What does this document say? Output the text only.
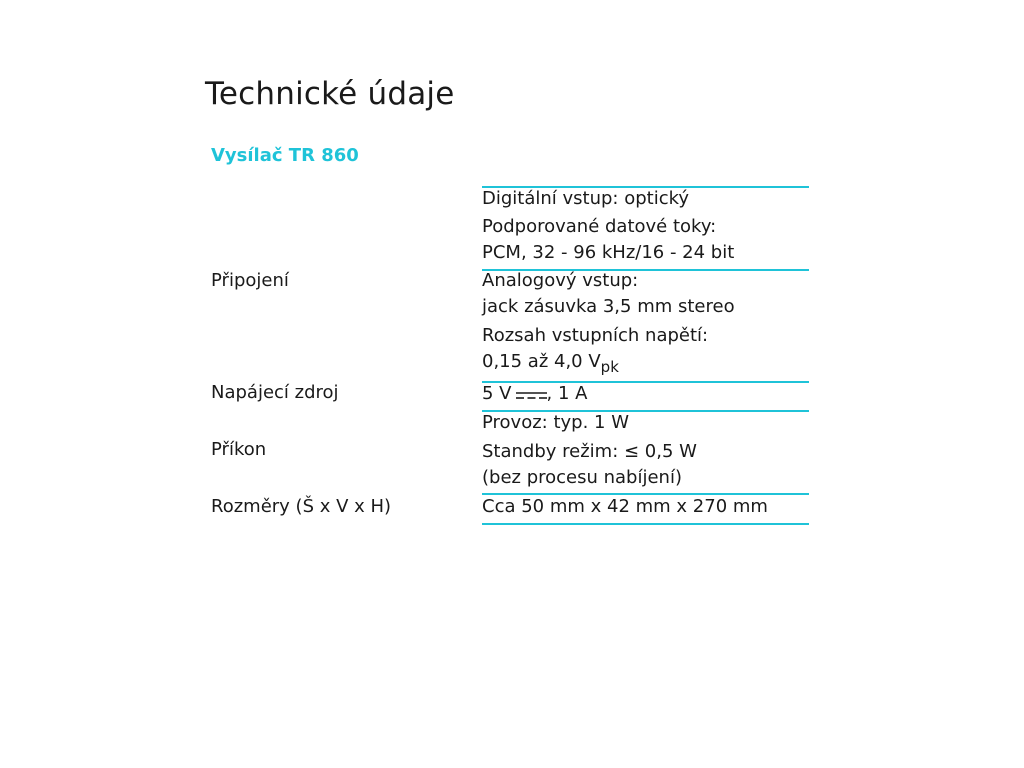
Technické údaje
Vysílač TR 860

Připojení

Napájecí zdroj

Příkon

Rozměry (Š x V x H)

Digitální vstup: optický

Podporované datové toky:

PCM, 32 - 96 kHz/16 - 24 bit

Analogový vstup:

jack zásuvka 3,5 mm stereo

Rozsah vstupních napětí:

0,15 až 4,0 $V_{pk}$

5 V , 1 A

Provoz: typ. 1 W

Standby režim: ≤ 0,5 W

(bez procesu nabíjení)

Cca 50 mm x 42 mm x 270 mm
